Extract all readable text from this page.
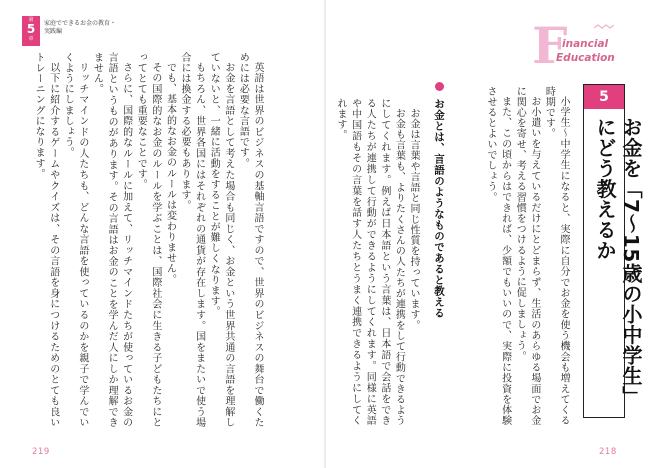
第
5
章
家庭でできるお金の教育・
実践編

英語は世界のビジネスの基軸言語ですので、世界のビジネスの舞台で働くためには必要な言語です。

お金を言語として考えた場合も同じく、お金という世界共通の言語を理解していないと、一緒に活動をすることが難しくなります。

もちろん、世界各国にはそれぞれの通貨が存在します。国をまたいで使う場合には換金する必要もあります。

でも、基本的なお金のルールは変わりません。

その国際的なお金のルールを学ぶことは、国際社会に生きる子どもたちにとってとても重要なことです。

さらに、国際的なルールに加えて、リッチマインドたちが使っているお金の言語というものがあります。その言語はお金のことを学んだ人にしか理解できません。

リッチマインドの人たちも、どんな言語を使っているのかを親子で学んでいくようにしましょう。

以下に紹介するゲームやクイズは、その言語を身につけるためのとても良いトレーニングになります。

219
F
inancial
Education
5
お金を「7〜15歳の小中学生」にどう教えるか

小学生〜中学生になると、実際に自分でお金を使う機会も増えてくる時期です。

お小遣いを与えているだけにとどまらず、生活のあらゆる場面でお金に関心を寄せ、考える習慣をつけるように促しましょう。

また、この頃からはできれば、少額でもいいので、実際に投資を体験させるとよいでしょう。

お金とは、言語のようなものであると教える

お金は言葉や言語と同じ性質を持っています。

お金も言葉も、よりたくさんの人たちが連携をして行動できるようにしてくれます。例えば日本語という言葉は、日本語で会話をできる人たちが連携して行動ができるようにしてくれます。同様に英語や中国語もその言葉を話す人たちとうまく連携できるようにしてくれます。

218
